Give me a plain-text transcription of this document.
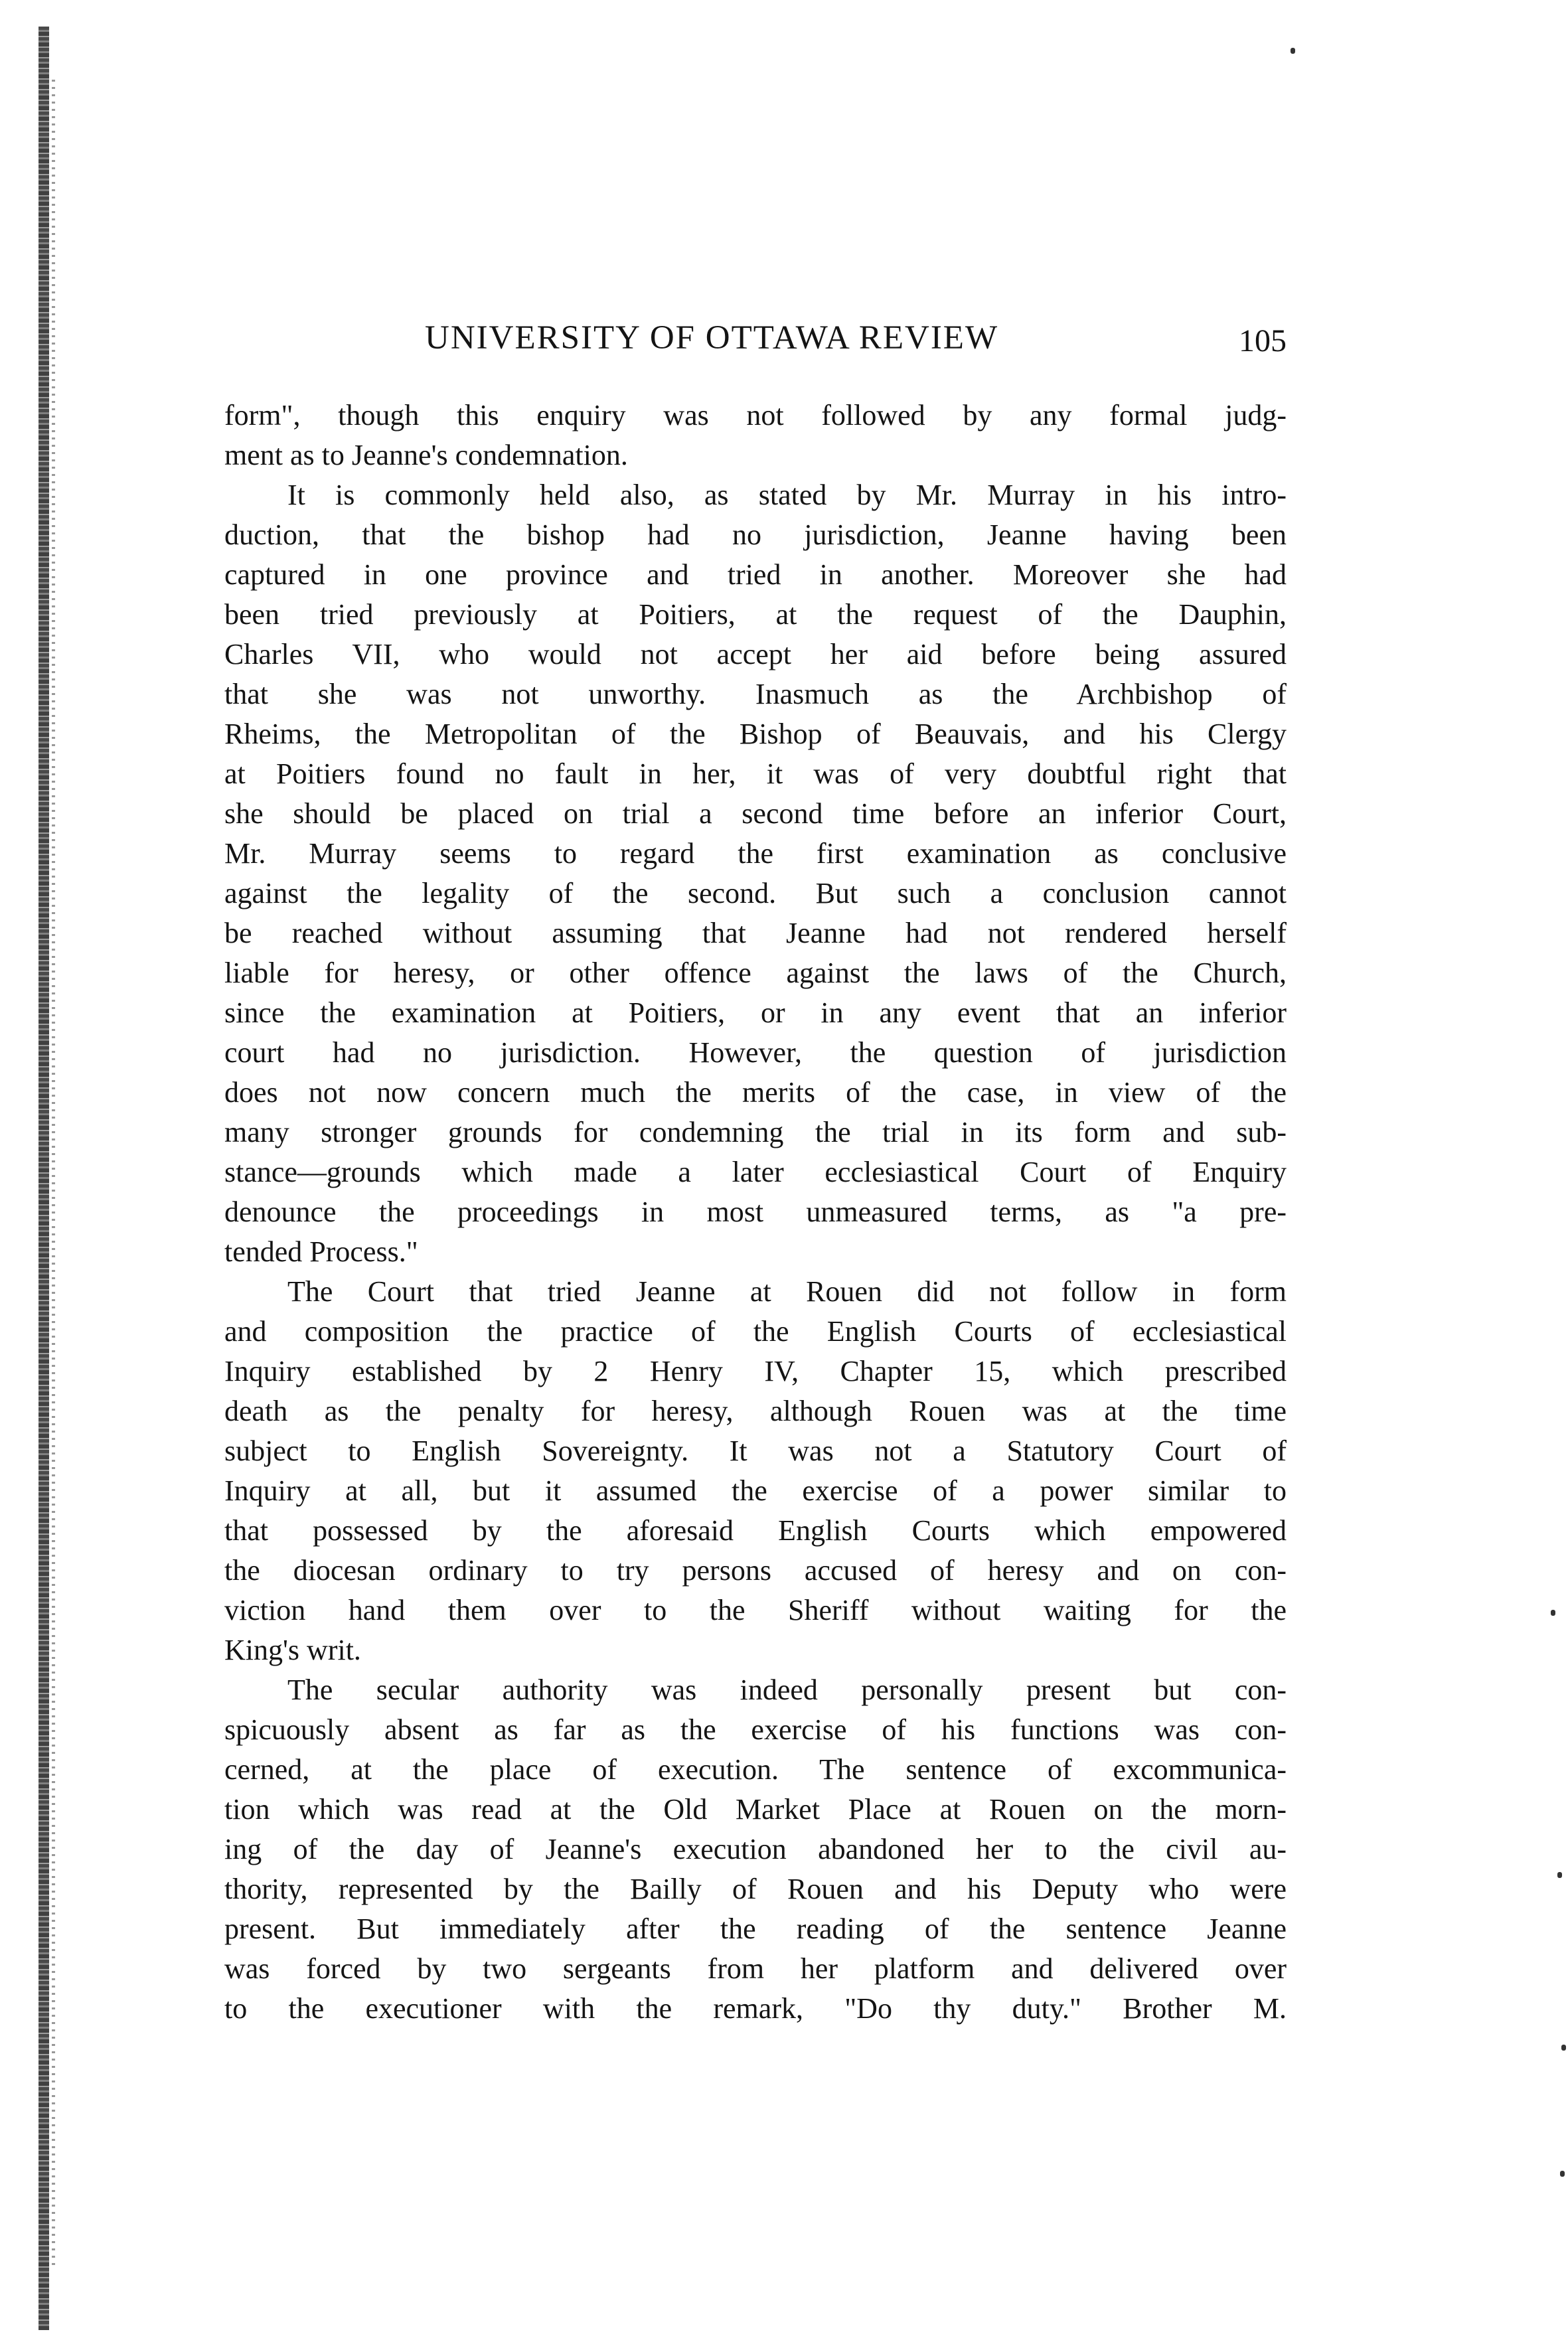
UNIVERSITY OF OTTAWA REVIEW	105
form", though this enquiry was not followed by any formal judg-
ment as to Jeanne's condemnation.
It is commonly held also, as stated by Mr. Murray in his intro-
duction, that the bishop had no jurisdiction, Jeanne having been
captured in one province and tried in another. Moreover she had
been tried previously at Poitiers, at the request of the Dauphin,
Charles VII, who would not accept her aid before being assured
that she was not unworthy. Inasmuch as the Archbishop of
Rheims, the Metropolitan of the Bishop of Beauvais, and his Clergy
at Poitiers found no fault in her, it was of very doubtful right that
she should be placed on trial a second time before an inferior Court,
Mr. Murray seems to regard the first examination as conclusive
against the legality of the second. But such a conclusion cannot
be reached without assuming that Jeanne had not rendered herself
liable for heresy, or other offence against the laws of the Church,
since the examination at Poitiers, or in any event that an inferior
court had no jurisdiction. However, the question of jurisdiction
does not now concern much the merits of the case, in view of the
many stronger grounds for condemning the trial in its form and sub-
stance—grounds which made a later ecclesiastical Court of Enquiry
denounce the proceedings in most unmeasured terms, as "a pre-
tended Process."
The Court that tried Jeanne at Rouen did not follow in form
and composition the practice of the English Courts of ecclesiastical
Inquiry established by 2 Henry IV, Chapter 15, which prescribed
death as the penalty for heresy, although Rouen was at the time
subject to English Sovereignty. It was not a Statutory Court of
Inquiry at all, but it assumed the exercise of a power similar to
that possessed by the aforesaid English Courts which empowered
the diocesan ordinary to try persons accused of heresy and on con-
viction hand them over to the Sheriff without waiting for the
King's writ.
The secular authority was indeed personally present but con-
spicuously absent as far as the exercise of his functions was con-
cerned, at the place of execution. The sentence of excommunica-
tion which was read at the Old Market Place at Rouen on the morn-
ing of the day of Jeanne's execution abandoned her to the civil au-
thority, represented by the Bailly of Rouen and his Deputy who were
present. But immediately after the reading of the sentence Jeanne
was forced by two sergeants from her platform and delivered over
to the executioner with the remark, "Do thy duty." Brother M.
